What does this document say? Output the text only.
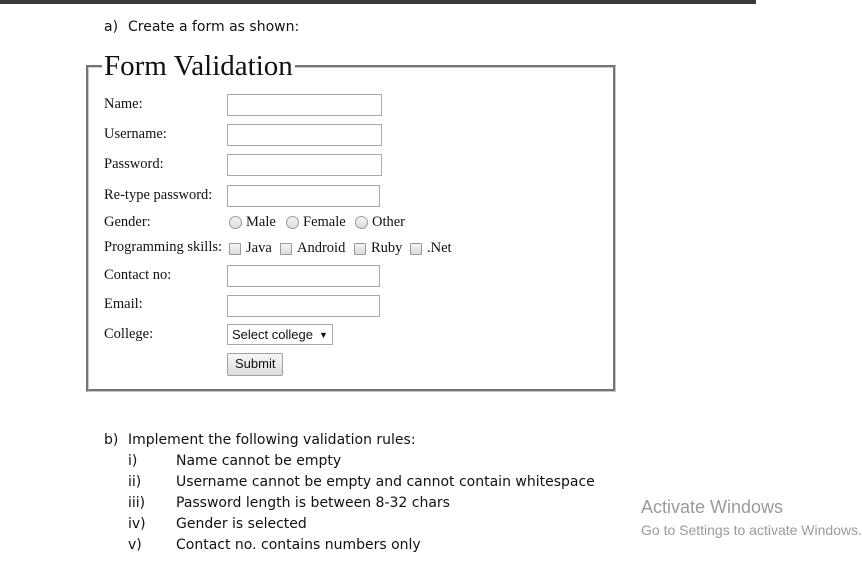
a) Create a form as shown:
Form Validation
Name:
Username:
Password:
Re-type password:
Gender:
Programming skills:
Contact no:
Email:
College:
Male Female Other
Java Android Ruby .Net
Select college ▼
Submit
b) Implement the following validation rules:
i)	Name cannot be empty
ii) Username cannot be empty and cannot contain whitespace
iii) Password length is between 8-32 chars
iv) Gender is selected
v) Contact no. contains numbers only
Activate Windows
Go to Settings to activate Windows.
